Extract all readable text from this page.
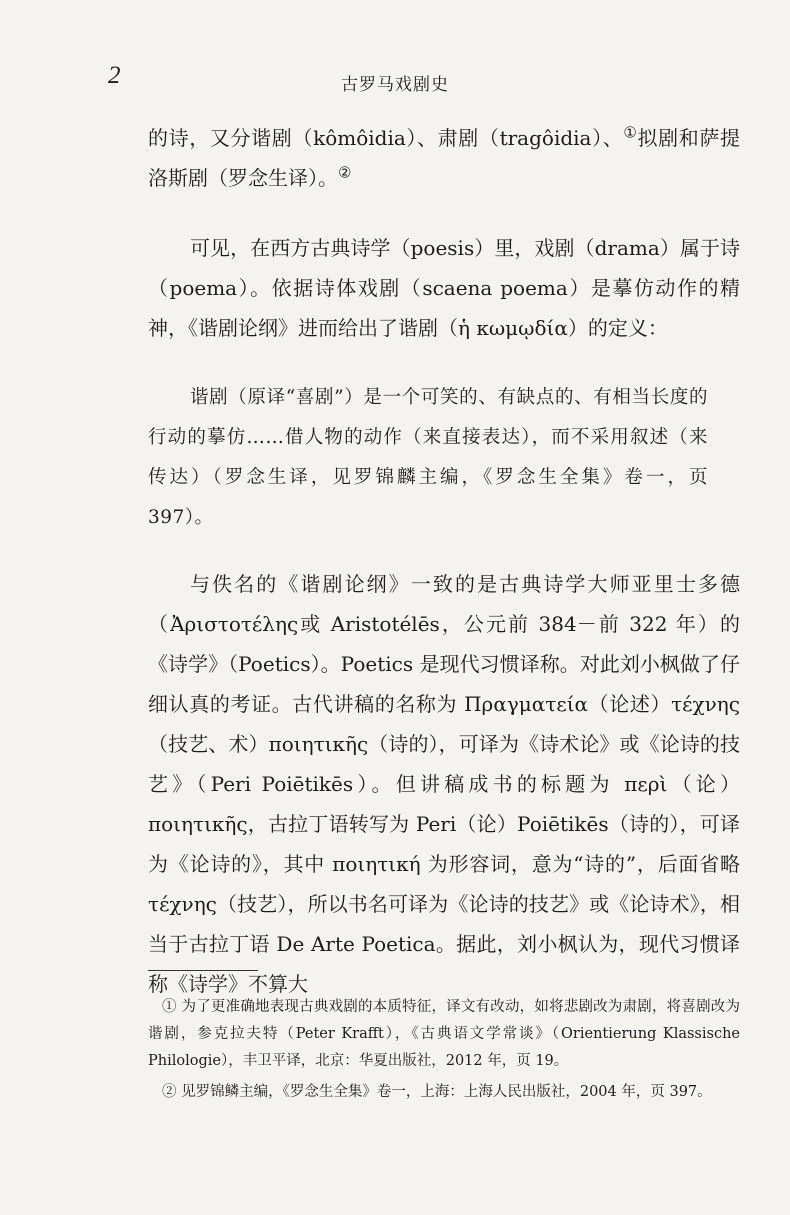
2	古罗马戏剧史

的诗，又分谐剧（kômôidia）、肃剧（tragôidia）、①拟剧和萨提洛斯剧（罗念生译）。②

可见，在西方古典诗学（poesis）里，戏剧（drama）属于诗（poema）。依据诗体戏剧（scaena poema）是摹仿动作的精神，《谐剧论纲》进而给出了谐剧（ἡ κωμῳδία）的定义：

谐剧（原译“喜剧”）是一个可笑的、有缺点的、有相当长度的行动的摹仿……借人物的动作（来直接表达），而不采用叙述（来传达）（罗念生译，见罗锦麟主编，《罗念生全集》卷一，页 397）。

与佚名的《谐剧论纲》一致的是古典诗学大师亚里士多德（Ἀριστοτέλης或 Aristotélēs，公元前 384－前 322 年）的《诗学》（Poetics）。Poetics 是现代习惯译称。对此刘小枫做了仔细认真的考证。古代讲稿的名称为 Πραγματεία（论述）τέχνης（技艺、术）ποιητικῆς（诗的），可译为《诗术论》或《论诗的技艺》（Peri Poiētikēs）。但讲稿成书的标题为 περὶ（论）ποιητικῆς，古拉丁语转写为 Peri（论）Poiētikēs（诗的），可译为《论诗的》，其中 ποιητική 为形容词，意为“诗的”，后面省略 τέχνης（技艺），所以书名可译为《论诗的技艺》或《论诗术》，相当于古拉丁语 De Arte Poetica。据此，刘小枫认为，现代习惯译称《诗学》不算大

① 为了更准确地表现古典戏剧的本质特征，译文有改动，如将悲剧改为肃剧，将喜剧改为谐剧，参克拉夫特（Peter Krafft），《古典语文学常谈》（Orientierung Klassische Philologie），丰卫平译，北京：华夏出版社，2012 年，页 19。

② 见罗锦鳞主编，《罗念生全集》卷一，上海：上海人民出版社，2004 年，页 397。
